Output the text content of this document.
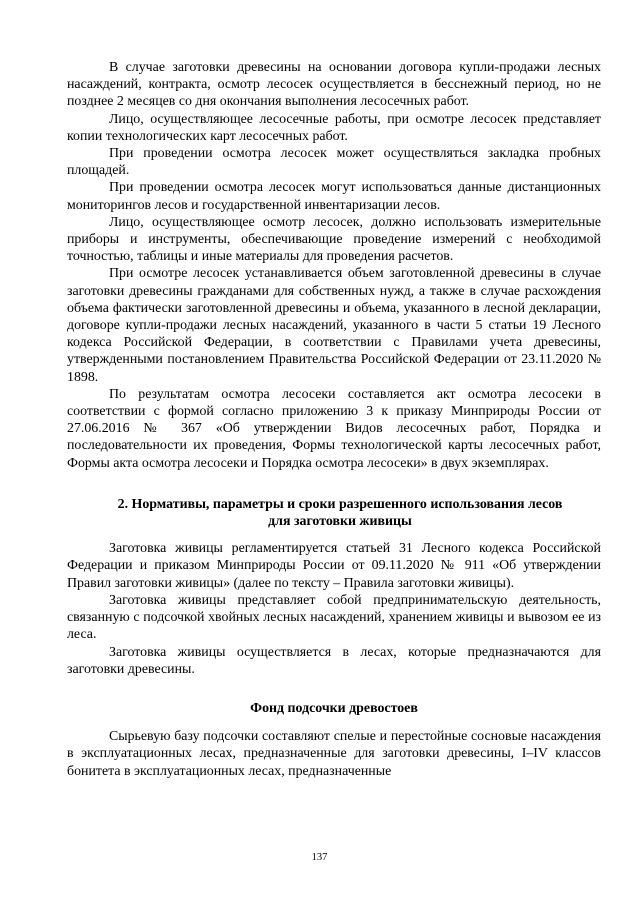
В случае заготовки древесины на основании договора купли-продажи лесных насаждений, контракта, осмотр лесосек осуществляется в бесснежный период, но не позднее 2 месяцев со дня окончания выполнения лесосечных работ.

Лицо, осуществляющее лесосечные работы, при осмотре лесосек представляет копии технологических карт лесосечных работ.

При проведении осмотра лесосек может осуществляться закладка пробных площадей.

При проведении осмотра лесосек могут использоваться данные дистанционных мониторингов лесов и государственной инвентаризации лесов.

Лицо, осуществляющее осмотр лесосек, должно использовать измерительные приборы и инструменты, обеспечивающие проведение измерений с необходимой точностью, таблицы и иные материалы для проведения расчетов.

При осмотре лесосек устанавливается объем заготовленной древесины в случае заготовки древесины гражданами для собственных нужд, а также в случае расхождения объема фактически заготовленной древесины и объема, указанного в лесной декларации, договоре купли-продажи лесных насаждений, указанного в части 5 статьи 19 Лесного кодекса Российской Федерации, в соответствии с Правилами учета древесины, утвержденными постановлением Правительства Российской Федерации от 23.11.2020 № 1898.

По результатам осмотра лесосеки составляется акт осмотра лесосеки в соответствии с формой согласно приложению 3 к приказу Минприроды России от 27.06.2016 № 367 «Об утверждении Видов лесосечных работ, Порядка и последовательности их проведения, Формы технологической карты лесосечных работ, Формы акта осмотра лесосеки и Порядка осмотра лесосеки» в двух экземплярах.

2. Нормативы, параметры и сроки разрешенного использования лесов
для заготовки живицы

Заготовка живицы регламентируется статьей 31 Лесного кодекса Российской Федерации и приказом Минприроды России от 09.11.2020 № 911 «Об утверждении Правил заготовки живицы» (далее по тексту – Правила заготовки живицы).

Заготовка живицы представляет собой предпринимательскую деятельность, связанную с подсочкой хвойных лесных насаждений, хранением живицы и вывозом ее из леса.

Заготовка живицы осуществляется в лесах, которые предназначаются для заготовки древесины.

Фонд подсочки древостоев

Сырьевую базу подсочки составляют спелые и перестойные сосновые насаждения в эксплуатационных лесах, предназначенные для заготовки древесины, I–IV классов бонитета в эксплуатационных лесах, предназначенные

137
